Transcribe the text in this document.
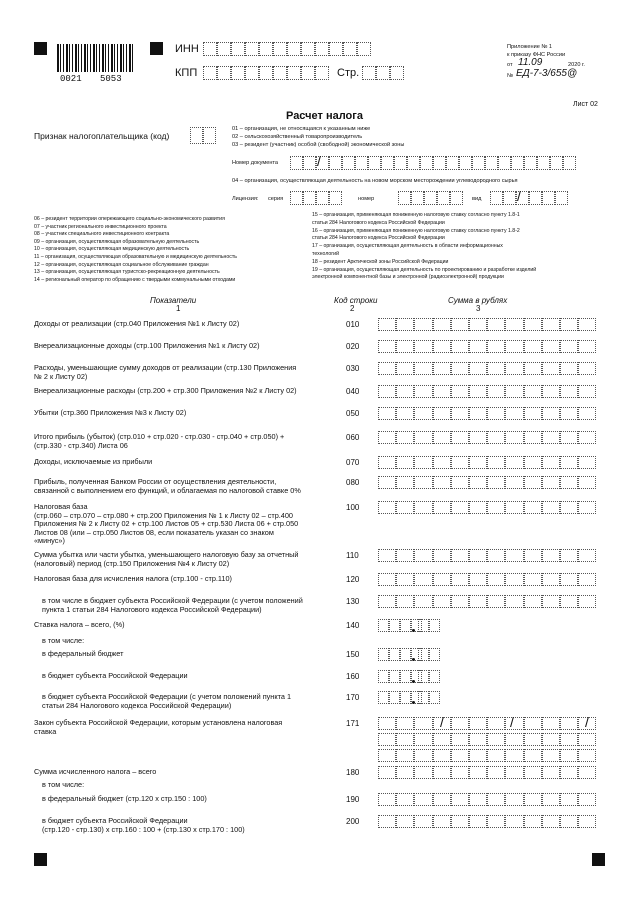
0021 5053
ИНН
КПП	Стр.
Приложение № 1
к приказу ФНС России
от 11.09	2020 г.
№ ЕД-7-3/655@
Лист 02
Расчет налога
Признак налогоплательщика (код)
01 – организация, не относящаяся к указанным ниже
02 – сельскохозяйственный товаропроизводитель
03 – резидент (участник) особой (свободной) экономической зоны
Номер документа	/
04 – организация, осуществляющая деятельность на новом морском месторождении углеводородного сырья
Лицензия: серия	номер	вид	/
06 – резидент территории опережающего социально-экономического развития
07 – участник регионального инвестиционного проекта
08 – участник специального инвестиционного контракта
09 – организация, осуществляющая образовательную деятельность
10 – организация, осуществляющая медицинскую деятельность
11 – организация, осуществляющая образовательную и медицинскую деятельность
12 – организация, осуществляющая социальное обслуживание граждан
13 – организация, осуществляющая туристско-рекреационную деятельность
14 – региональный оператор по обращению с твердыми коммунальными отходами
15 – организация, применяющая пониженную налоговую ставку согласно пункту 1.8-1
статьи 284 Налогового кодекса Российской Федерации
16 – организация, применяющая пониженную налоговую ставку согласно пункту 1.8-2
статьи 284 Налогового кодекса Российской Федерации
17 – организация, осуществляющая деятельность в области информационных
технологий
18 – резидент Арктической зоны Российской Федерации
19 – организация, осуществляющая деятельность по проектированию и разработке изделий
электронной компонентной базы и электронной (радиоэлектронной) продукции
Показатели	Код строки	Сумма в рублях
1	2	3
Доходы от реализации (стр.040 Приложения №1 к Листу 02)	010
Внереализационные доходы (стр.100 Приложения №1 к Листу 02)	020
Расходы, уменьшающие сумму доходов от реализации (стр.130 Приложения
№ 2 к Листу 02)
030
Внереализационные расходы (стр.200 + стр.300 Приложения №2 к Листу 02)	040
Убытки (стр.360 Приложения №3 к Листу 02)	050
Итого прибыль (убыток) (стр.010 + стр.020 - стр.030 - стр.040 + стр.050) +
(стр.330 - стр.340) Листа 06
060
Доходы, исключаемые из прибыли	070
Прибыль, полученная Банком России от осуществления деятельности,
связанной с выполнением его функций, и облагаемая по налоговой ставке 0%
080
Налоговая база
(стр.060 – стр.070 – стр.080 + стр.200 Приложения № 1 к Листу 02 – стр.400
Приложения № 2 к Листу 02 + стр.100 Листов 05 + стр.530 Листа 06 + стр.050
Листов 08 (или – стр.050 Листов 08, если показатель указан со знаком
«минус»)
100
Сумма убытка или части убытка, уменьшающего налоговую базу за отчетный
(налоговый) период (стр.150 Приложения №4 к Листу 02)
110
Налоговая база для исчисления налога (стр.100 - стр.110)	120
в том числе в бюджет субъекта Российской Федерации (с учетом положений
пункта 1 статьи 284 Налогового кодекса Российской Федерации)
130
Ставка налога – всего, (%)	140
в том числе:
в федеральный бюджет	150
в бюджет субъекта Российской Федерации	160
в бюджет субъекта Российской Федерации (с учетом положений пункта 1
статьи 284 Налогового кодекса Российской Федерации)
170
Закон субъекта Российской Федерации, которым установлена налоговая
ставка
171	/	/	/
Сумма исчисленного налога – всего	180
в том числе:
в федеральный бюджет (стр.120 х стр.150 : 100)	190
в бюджет субъекта Российской Федерации
(стр.120 - стр.130) х стр.160 : 100 + (стр.130 х стр.170 : 100)
200
